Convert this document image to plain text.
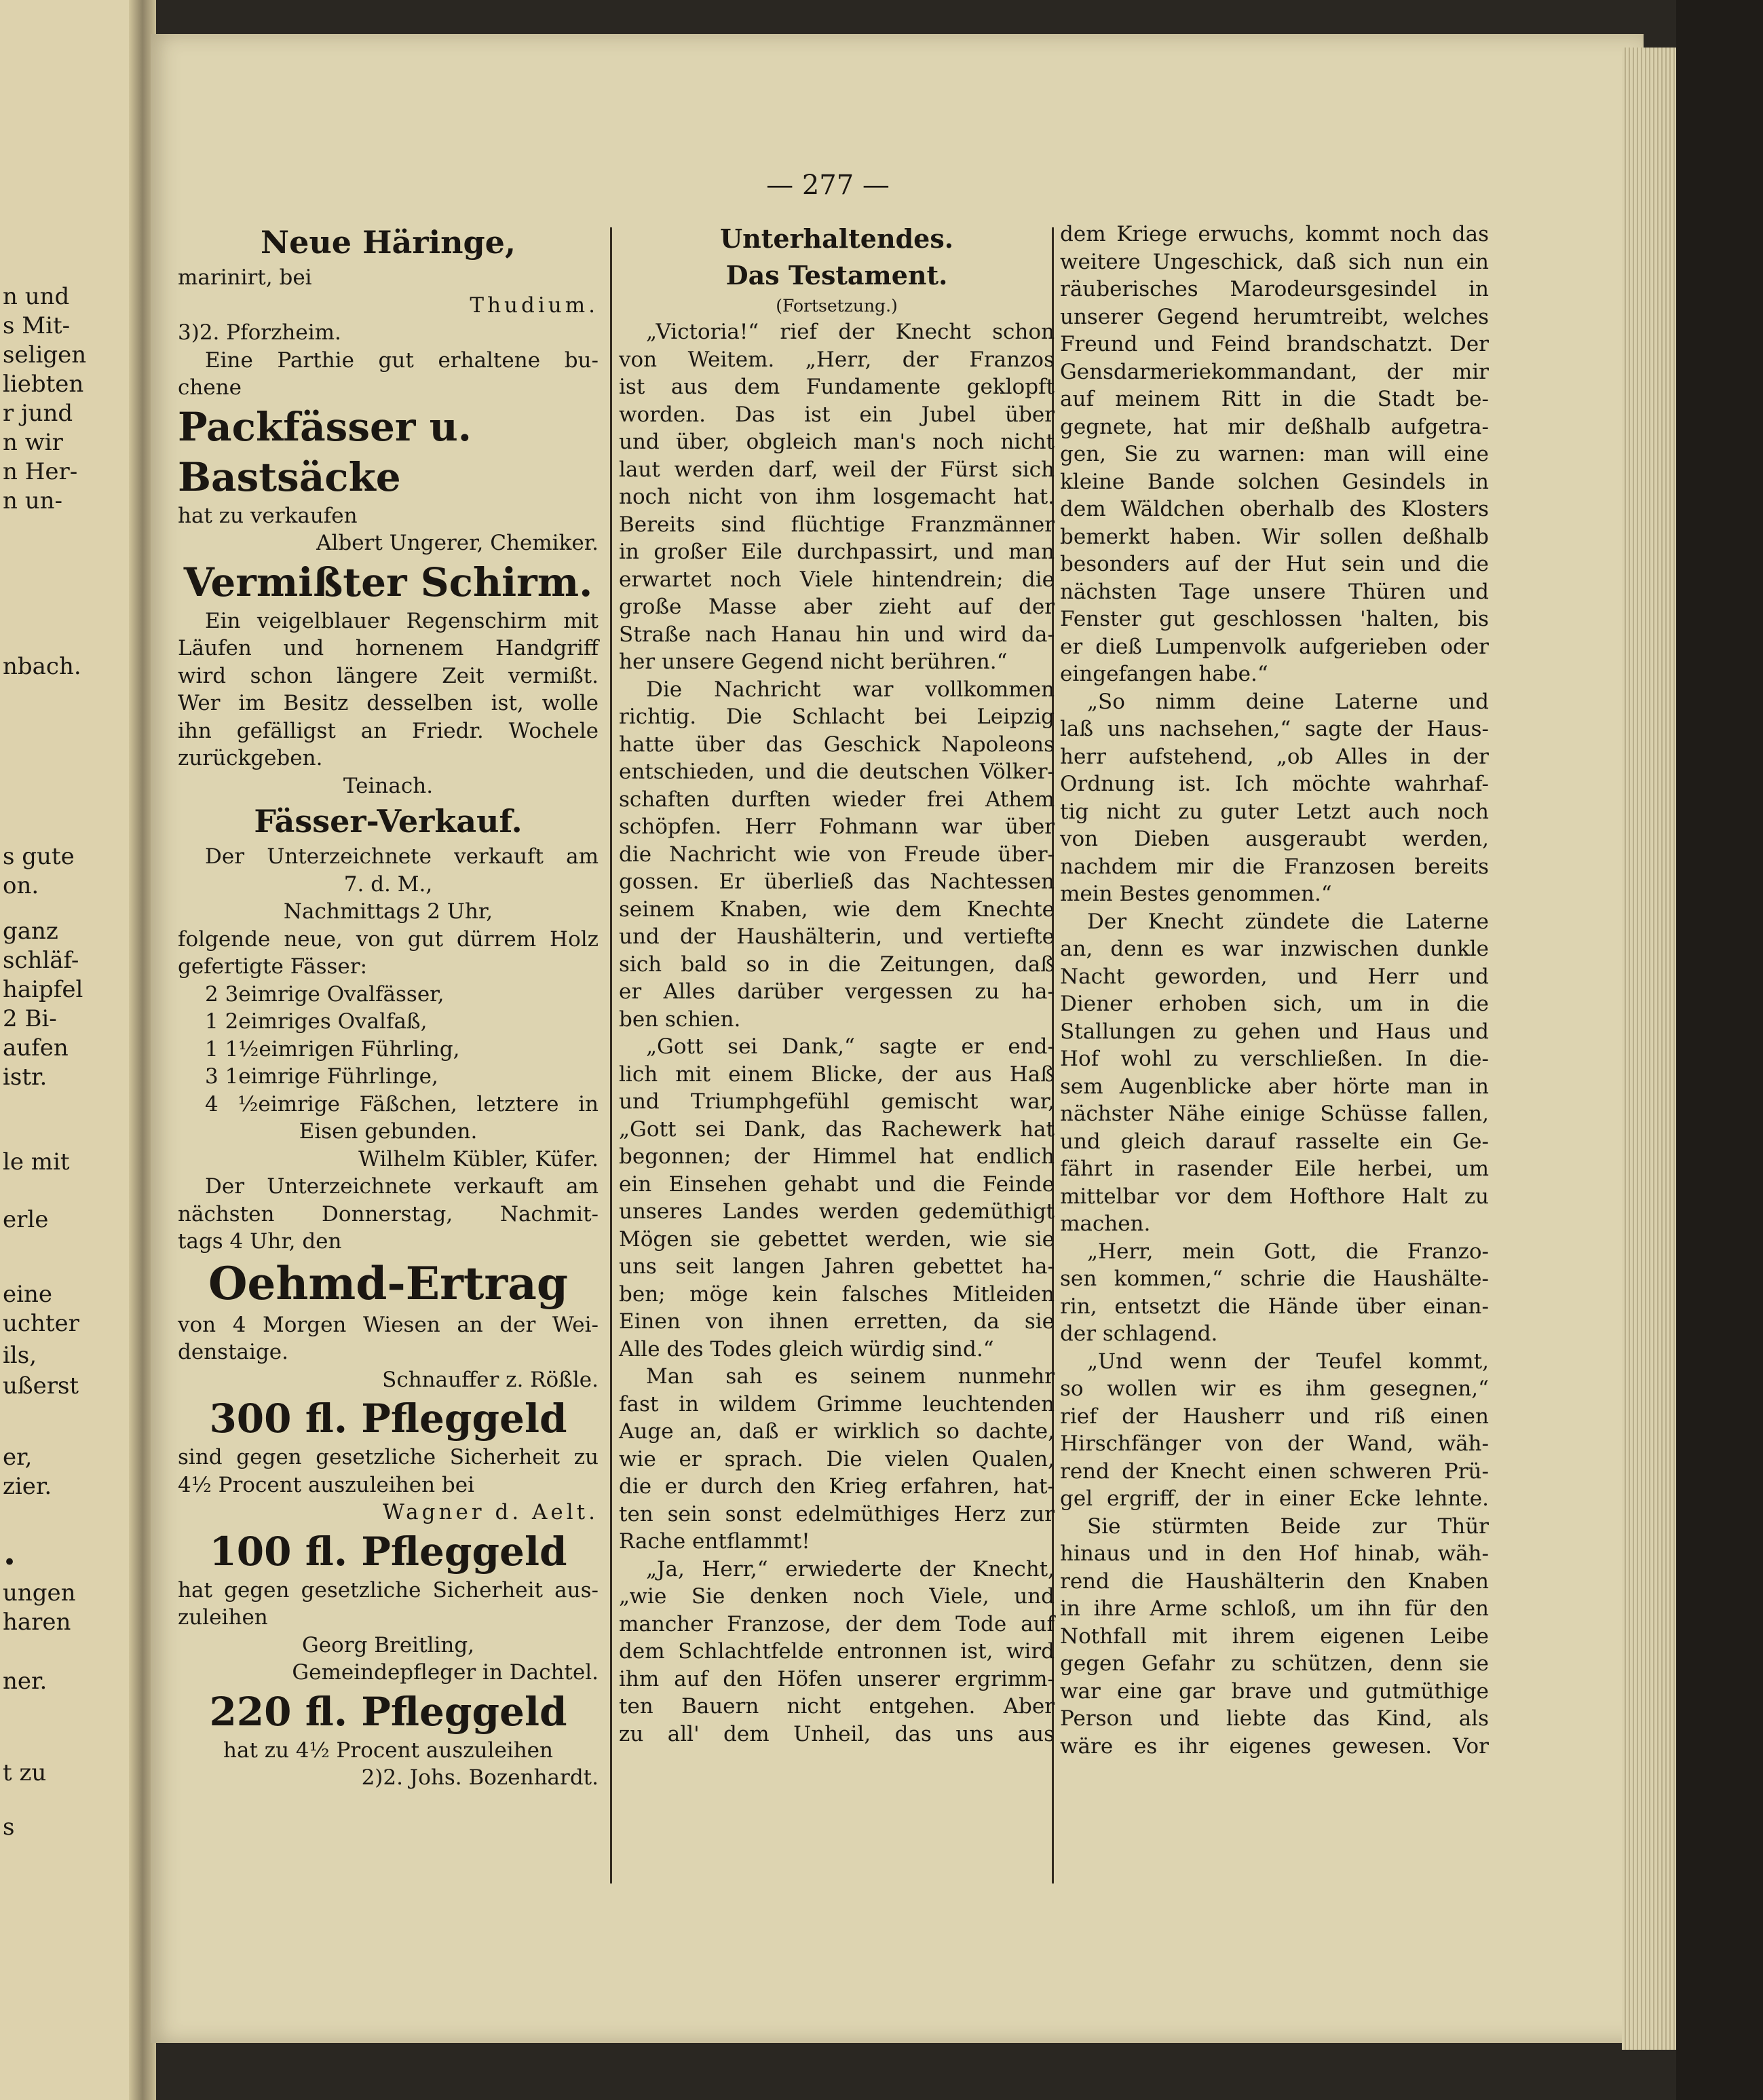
n und
s Mit-
seligen
liebten
r jund
n wir
n Her-
n un-
nbach.
s gute
on.
ganz
schläf-
haipfel
2 Bi-
aufen
istr.
le mit
erle
eine
uchter
ils,
ußerst
er,
zier.
•
ungen
haren
ner.
t zu
s
— 277 —

Neue Häringe,

marinirt, bei

Thudium.

3)2. Pforzheim.

Eine Parthie gut erhaltene bu-

chene

Packfässer u. Bastsäcke

hat zu verkaufen

Albert Ungerer, Chemiker.

Vermißter Schirm.

Ein veigelblauer Regenschirm mit

Läufen und hornenem Handgriff

wird schon längere Zeit vermißt.

Wer im Besitz desselben ist, wolle

ihn gefälligst an Friedr. Wochele

zurückgeben.

Teinach.

Fässer-Verkauf.

Der Unterzeichnete verkauft am

7. d. M.,

Nachmittags 2 Uhr,

folgende neue, von gut dürrem Holz

gefertigte Fässer:

2 3eimrige Ovalfässer,

1 2eimriges Ovalfaß,

1 1½eimrigen Führling,

3 1eimrige Führlinge,

4 ½eimrige Fäßchen, letztere in

Eisen gebunden.

Wilhelm Kübler, Küfer.

Der Unterzeichnete verkauft am

nächsten Donnerstag, Nachmit-

tags 4 Uhr, den

Oehmd-Ertrag

von 4 Morgen Wiesen an der Wei-

denstaige.

Schnauffer z. Rößle.

300 fl. Pfleggeld

sind gegen gesetzliche Sicherheit zu

4½ Procent auszuleihen bei

Wagner d. Aelt.

100 fl. Pfleggeld

hat gegen gesetzliche Sicherheit aus-

zuleihen

Georg Breitling,

Gemeindepfleger in Dachtel.

220 fl. Pfleggeld

hat zu 4½ Procent auszuleihen

2)2. Johs. Bozenhardt.

Unterhaltendes.

Das Testament.

(Fortsetzung.)

„Victoria!“ rief der Knecht schon

von Weitem. „Herr, der Franzos

ist aus dem Fundamente geklopft

worden. Das ist ein Jubel über

und über, obgleich man's noch nicht

laut werden darf, weil der Fürst sich

noch nicht von ihm losgemacht hat.

Bereits sind flüchtige Franzmänner

in großer Eile durchpassirt, und man

erwartet noch Viele hintendrein; die

große Masse aber zieht auf der

Straße nach Hanau hin und wird da-

her unsere Gegend nicht berühren.“

Die Nachricht war vollkommen

richtig. Die Schlacht bei Leipzig

hatte über das Geschick Napoleons

entschieden, und die deutschen Völker-

schaften durften wieder frei Athem

schöpfen. Herr Fohmann war über

die Nachricht wie von Freude über-

gossen. Er überließ das Nachtessen

seinem Knaben, wie dem Knechte

und der Haushälterin, und vertiefte

sich bald so in die Zeitungen, daß

er Alles darüber vergessen zu ha-

ben schien.

„Gott sei Dank,“ sagte er end-

lich mit einem Blicke, der aus Haß

und Triumphgefühl gemischt war,

„Gott sei Dank, das Rachewerk hat

begonnen; der Himmel hat endlich

ein Einsehen gehabt und die Feinde

unseres Landes werden gedemüthigt

Mögen sie gebettet werden, wie sie

uns seit langen Jahren gebettet ha-

ben; möge kein falsches Mitleiden

Einen von ihnen erretten, da sie

Alle des Todes gleich würdig sind.“

Man sah es seinem nunmehr

fast in wildem Grimme leuchtenden

Auge an, daß er wirklich so dachte,

wie er sprach. Die vielen Qualen,

die er durch den Krieg erfahren, hat-

ten sein sonst edelmüthiges Herz zur

Rache entflammt!

„Ja, Herr,“ erwiederte der Knecht,

„wie Sie denken noch Viele, und

mancher Franzose, der dem Tode auf

dem Schlachtfelde entronnen ist, wird

ihm auf den Höfen unserer ergrimm-

ten Bauern nicht entgehen. Aber

zu all' dem Unheil, das uns aus

dem Kriege erwuchs, kommt noch das

weitere Ungeschick, daß sich nun ein

räuberisches Marodeursgesindel in

unserer Gegend herumtreibt, welches

Freund und Feind brandschatzt. Der

Gensdarmeriekommandant, der mir

auf meinem Ritt in die Stadt be-

gegnete, hat mir deßhalb aufgetra-

gen, Sie zu warnen: man will eine

kleine Bande solchen Gesindels in

dem Wäldchen oberhalb des Klosters

bemerkt haben. Wir sollen deßhalb

besonders auf der Hut sein und die

nächsten Tage unsere Thüren und

Fenster gut geschlossen 'halten, bis

er dieß Lumpenvolk aufgerieben oder

eingefangen habe.“

„So nimm deine Laterne und

laß uns nachsehen,“ sagte der Haus-

herr aufstehend, „ob Alles in der

Ordnung ist. Ich möchte wahrhaf-

tig nicht zu guter Letzt auch noch

von Dieben ausgeraubt werden,

nachdem mir die Franzosen bereits

mein Bestes genommen.“

Der Knecht zündete die Laterne

an, denn es war inzwischen dunkle

Nacht geworden, und Herr und

Diener erhoben sich, um in die

Stallungen zu gehen und Haus und

Hof wohl zu verschließen. In die-

sem Augenblicke aber hörte man in

nächster Nähe einige Schüsse fallen,

und gleich darauf rasselte ein Ge-

fährt in rasender Eile herbei, um

mittelbar vor dem Hofthore Halt zu

machen.

„Herr, mein Gott, die Franzo-

sen kommen,“ schrie die Haushälte-

rin, entsetzt die Hände über einan-

der schlagend.

„Und wenn der Teufel kommt,

so wollen wir es ihm gesegnen,“

rief der Hausherr und riß einen

Hirschfänger von der Wand, wäh-

rend der Knecht einen schweren Prü-

gel ergriff, der in einer Ecke lehnte.

Sie stürmten Beide zur Thür

hinaus und in den Hof hinab, wäh-

rend die Haushälterin den Knaben

in ihre Arme schloß, um ihn für den

Nothfall mit ihrem eigenen Leibe

gegen Gefahr zu schützen, denn sie

war eine gar brave und gutmüthige

Person und liebte das Kind, als

wäre es ihr eigenes gewesen. Vor
